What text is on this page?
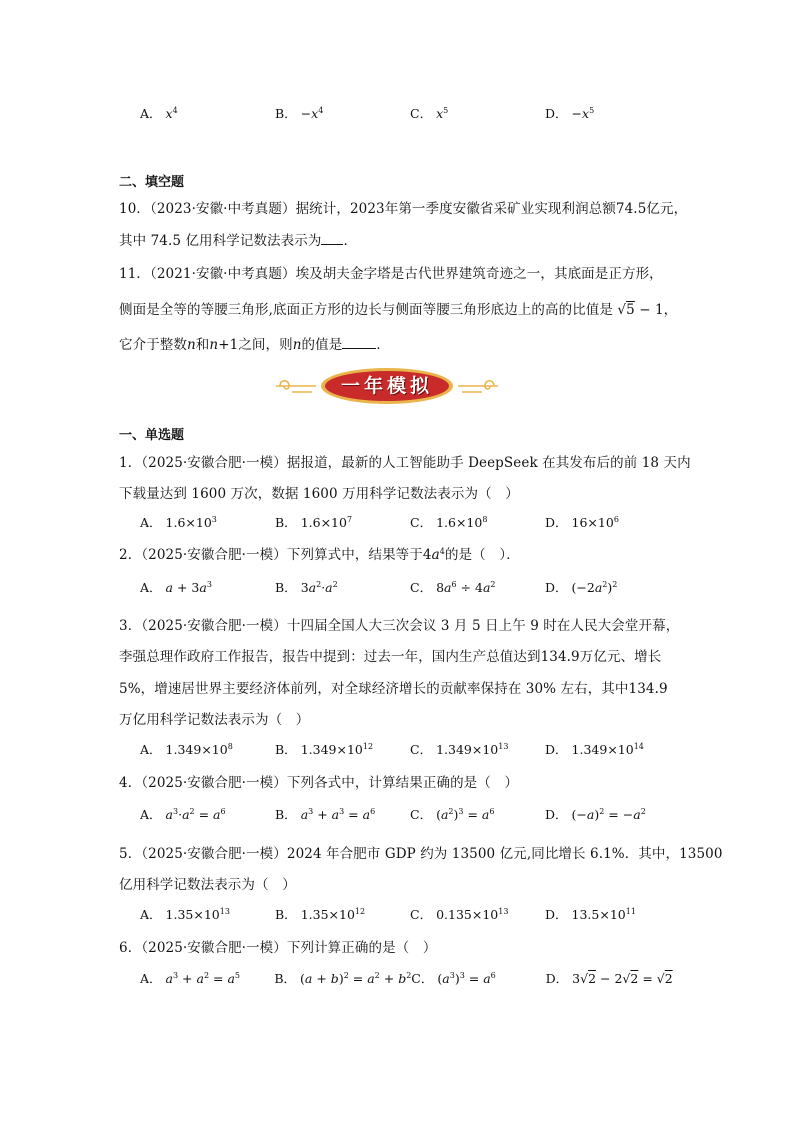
A． $x^4$	B． $-x^4$	C． $x^5$	D． $-x^5$
二、填空题
10．（2023·安徽·中考真题）据统计，2023年第一季度安徽省采矿业实现利润总额74.5亿元，
其中 74.5 亿用科学记数法表示为 ．
11．（2021·安徽·中考真题）埃及胡夫金字塔是古代世界建筑奇迹之一，其底面是正方形，
侧面是全等的等腰三角形,底面正方形的边长与侧面等腰三角形底边上的高的比值是 √5 − 1，
它介于整数n和n+1之间，则n的值是	．
一年模拟
一、单选题
1．（2025·安徽合肥·一模）据报道，最新的人工智能助手 DeepSeek 在其发布后的前 18 天内
下载量达到 1600 万次，数据 1600 万用科学记数法表示为（　）
A． $1.6\times 10^3$	B． $1.6\times 10^7$	C． $1.6\times 10^8$	D． $16\times 10^6$
2．（2025·安徽合肥·一模）下列算式中，结果等于$4a^4$的是（　）．
A． $a + 3a^3$	B． $3a^2\cdot a^2$	C． $8a^6 \div 4a^2$	D． $(-2a^2)^2$
3．（2025·安徽合肥·一模）十四届全国人大三次会议 3 月 5 日上午 9 时在人民大会堂开幕，
李强总理作政府工作报告，报告中提到：过去一年，国内生产总值达到134.9万亿元、增长
5%，增速居世界主要经济体前列，对全球经济增长的贡献率保持在 30% 左右，其中134.9
万亿用科学记数法表示为（　）
A． $1.349\times 10^8$	B． $1.349\times 10^{12}$	C． $1.349\times 10^{13}$	D． $1.349\times 10^{14}$
4．（2025·安徽合肥·一模）下列各式中，计算结果正确的是（　）
A． $a^3\cdot a^2 = a^6$	B． $a^3 + a^3 = a^6$	C． $(a^2)^3 = a^6$	D． $(-a)^2 = -a^2$
5．（2025·安徽合肥·一模）2024 年合肥市 GDP 约为 13500 亿元,同比增长 6.1%．其中，13500
亿用科学记数法表示为（　）
A． $1.35\times 10^{13}$	B． $1.35\times 10^{12}$	C． $0.135\times 10^{13}$	D． $13.5\times 10^{11}$
6．（2025·安徽合肥·一模）下列计算正确的是（　）
A． $a^3 + a^2 = a^5$	B． $(a + b)^2 = a^2 + b^2$ C． $(a^3)^3 = a^6$	D． 3√2 − 2√2 = √2
